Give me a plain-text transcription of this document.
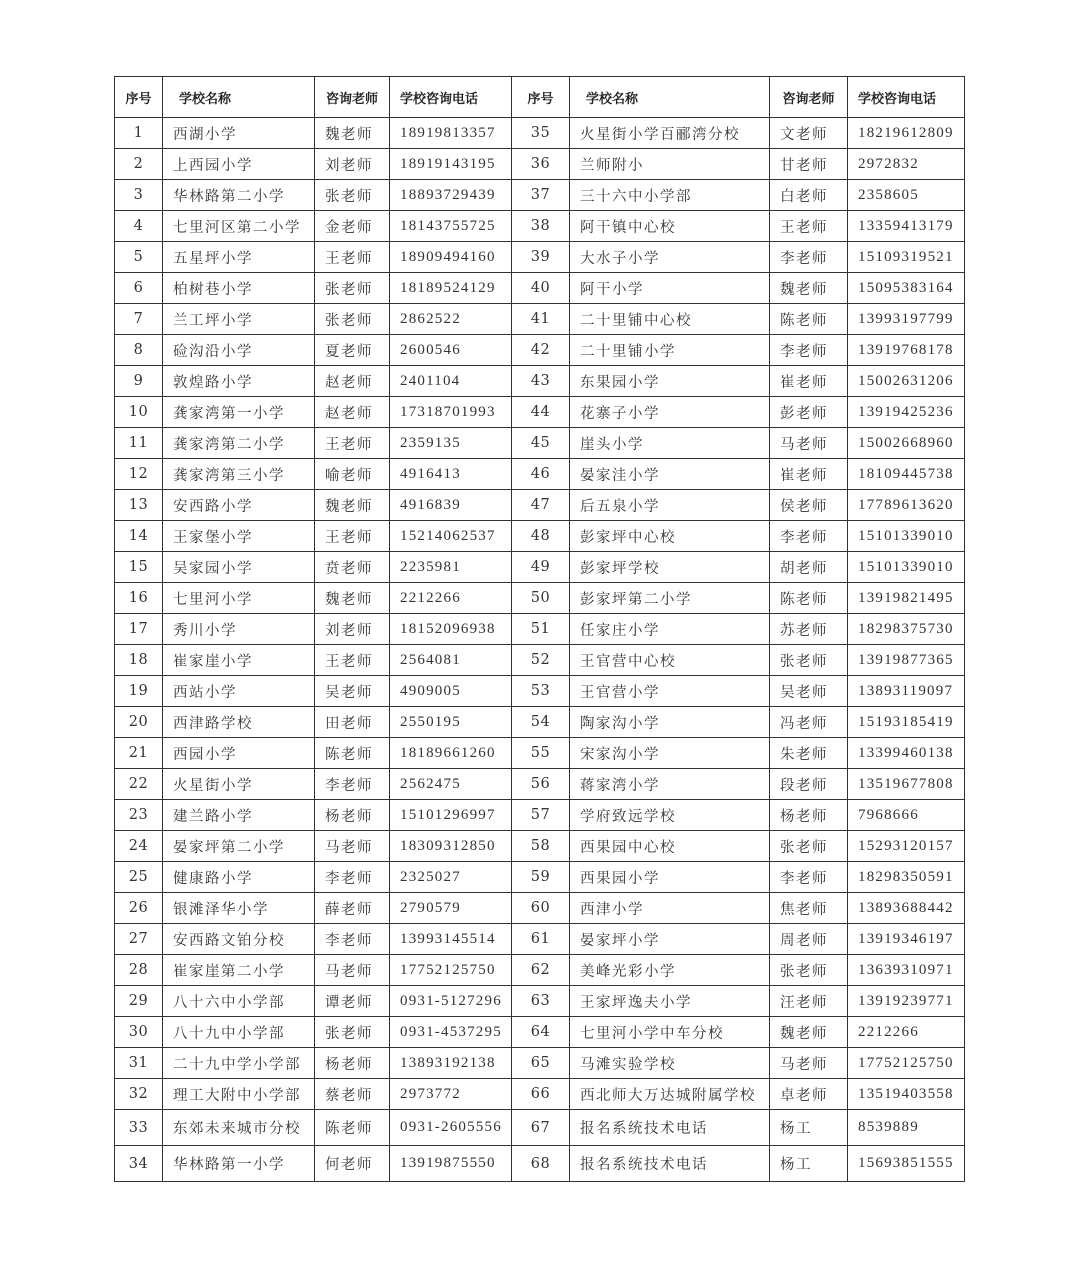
序号	学校名称	咨询老师	学校咨询电话	序号	学校名称	咨询老师	学校咨询电话
1	西湖小学	魏老师	18919813357	35	火星街小学百郦湾分校	文老师	18219612809
2	上西园小学	刘老师	18919143195	36	兰师附小	甘老师	2972832
3	华林路第二小学	张老师	18893729439	37	三十六中小学部	白老师	2358605
4	七里河区第二小学	金老师	18143755725	38	阿干镇中心校	王老师	13359413179
5	五星坪小学	王老师	18909494160	39	大水子小学	李老师	15109319521
6	柏树巷小学	张老师	18189524129	40	阿干小学	魏老师	15095383164
7	兰工坪小学	张老师	2862522	41	二十里铺中心校	陈老师	13993197799
8	硷沟沿小学	夏老师	2600546	42	二十里铺小学	李老师	13919768178
9	敦煌路小学	赵老师	2401104	43	东果园小学	崔老师	15002631206
10	龚家湾第一小学	赵老师	17318701993	44	花寨子小学	彭老师	13919425236
11	龚家湾第二小学	王老师	2359135	45	崖头小学	马老师	15002668960
12	龚家湾第三小学	喻老师	4916413	46	晏家洼小学	崔老师	18109445738
13	安西路小学	魏老师	4916839	47	后五泉小学	侯老师	17789613620
14	王家堡小学	王老师	15214062537	48	彭家坪中心校	李老师	15101339010
15	吴家园小学	贲老师	2235981	49	彭家坪学校	胡老师	15101339010
16	七里河小学	魏老师	2212266	50	彭家坪第二小学	陈老师	13919821495
17	秀川小学	刘老师	18152096938	51	任家庄小学	苏老师	18298375730
18	崔家崖小学	王老师	2564081	52	王官营中心校	张老师	13919877365
19	西站小学	吴老师	4909005	53	王官营小学	吴老师	13893119097
20	西津路学校	田老师	2550195	54	陶家沟小学	冯老师	15193185419
21	西园小学	陈老师	18189661260	55	宋家沟小学	朱老师	13399460138
22	火星街小学	李老师	2562475	56	蒋家湾小学	段老师	13519677808
23	建兰路小学	杨老师	15101296997	57	学府致远学校	杨老师	7968666
24	晏家坪第二小学	马老师	18309312850	58	西果园中心校	张老师	15293120157
25	健康路小学	李老师	2325027	59	西果园小学	李老师	18298350591
26	银滩泽华小学	薛老师	2790579	60	西津小学	焦老师	13893688442
27	安西路文铂分校	李老师	13993145514	61	晏家坪小学	周老师	13919346197
28	崔家崖第二小学	马老师	17752125750	62	美峰光彩小学	张老师	13639310971
29	八十六中小学部	谭老师	0931-5127296	63	王家坪逸夫小学	汪老师	13919239771
30	八十九中小学部	张老师	0931-4537295	64	七里河小学中车分校	魏老师	2212266
31	二十九中学小学部	杨老师	13893192138	65	马滩实验学校	马老师	17752125750
32	理工大附中小学部	蔡老师	2973772	66	西北师大万达城附属学校	卓老师	13519403558
33	东郊未来城市分校	陈老师	0931-2605556	67	报名系统技术电话	杨工	8539889
34	华林路第一小学	何老师	13919875550	68	报名系统技术电话	杨工	15693851555
